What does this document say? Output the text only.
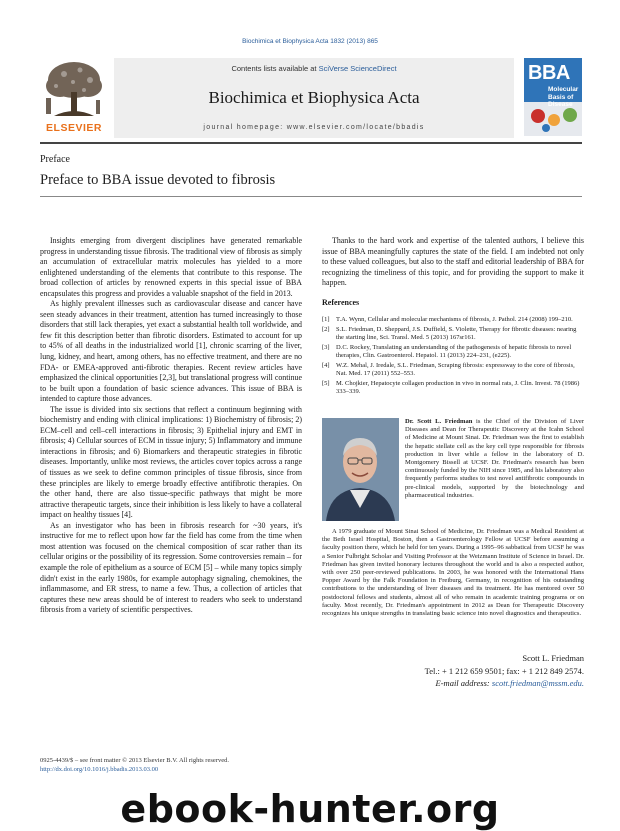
Biochimica et Biophysica Acta 1832 (2013) 865
ELSEVIER
Contents lists available at SciVerse ScienceDirect
Biochimica et Biophysica Acta
journal homepage: www.elsevier.com/locate/bbadis
BBA
Molecular Basis of Disease
Preface
Preface to BBA issue devoted to fibrosis

Insights emerging from divergent disciplines have generated remarkable progress in understanding tissue fibrosis. The traditional view of fibrosis as simply an accumulation of extracellular matrix molecules has yielded to a more enlightened understanding of the elements that contribute to this response. The broad collection of articles by renowned experts in this special issue of BBA encapsulates this progress and provides a valuable snapshot of the field in 2013.

As highly prevalent illnesses such as cardiovascular disease and cancer have seen steady advances in their treatment, attention has turned increasingly to those disorders that still lack therapies, yet exact a substantial health toll worldwide, and few fit this description better than fibrotic disorders. Estimated to account for up to 45% of all deaths in the industrialized world [1], chronic scarring of the liver, lung, kidney, and heart, among others, has no effective treatment, and there are no FDA- or EMEA-approved anti-fibrotic therapies. Recent review articles have emphasized the clinical opportunities [2,3], but translational progress will continue to be built upon a foundation of basic science advances. This issue of BBA is intended to capture those advances.

The issue is divided into six sections that reflect a continuum beginning with biochemistry and ending with clinical implications: 1) Biochemistry of fibrosis; 2) ECM–cell and cell–cell interactions in fibrosis; 3) Epithelial injury and EMT in fibrosis; 4) Cellular sources of ECM in tissue injury; 5) Inflammatory and immune interactions in fibrosis; and 6) Biomarkers and therapeutic strategies in fibrotic diseases. Importantly, unlike most reviews, the articles cover topics across a range of tissues as we seek to define common principles of tissue fibrosis, since from these principles are likely to emerge broadly effective antifibrotic therapies. On the other hand, there are also tissue-specific pathways that might be more attractive therapeutic targets, since their inhibition is less likely to have a collateral impact on healthy tissues [4].

As an investigator who has been in fibrosis research for ~30 years, it's instructive for me to reflect upon how far the field has come from the time when most attention was focused on the chemical composition of scar rather than its cellular origins or the possibility of its regression. Some controversies remain – for example the role of epithelium as a source of ECM [5] – while many topics simply didn't exist in the early 1980s, for example autophagy signaling, chemokines, the inflammasome, and ER stress, to name a few. Thus, a collection of articles that captures these new areas should be of interest to readers who seek to understand fibrosis from a variety of scientific perspectives.

Thanks to the hard work and expertise of the talented authors, I believe this issue of BBA meaningfully captures the state of the field. I am indebted not only to these valued colleagues, but also to the staff and editorial leadership of BBA for recognizing the timeliness of this topic, and for providing the support to make it happen.

References
[1] T.A. Wynn, Cellular and molecular mechanisms of fibrosis, J. Pathol. 214 (2008) 199–210.
[2] S.L. Friedman, D. Sheppard, J.S. Duffield, S. Violette, Therapy for fibrotic diseases: nearing the starting line, Sci. Transl. Med. 5 (2013) 167sr161.
[3] D.C. Rockey, Translating an understanding of the pathogenesis of hepatic fibrosis to novel therapies, Clin. Gastroenterol. Hepatol. 11 (2013) 224–231, (e225).
[4] W.Z. Mehal, J. Iredale, S.L. Friedman, Scraping fibrosis: expressway to the core of fibrosis, Nat. Med. 17 (2011) 552–553.
[5] M. Chojkier, Hepatocyte collagen production in vivo in normal rats, J. Clin. Invest. 78 (1986) 333–339.

Dr. Scott L. Friedman is the Chief of the Division of Liver Diseases and Dean for Therapeutic Discovery at the Icahn School of Medicine at Mount Sinai. Dr. Friedman was the first to establish the hepatic stellate cell as the key cell type responsible for fibrosis production in liver while a fellow in the laboratory of D. Montgomery Bissell at UCSF. Dr. Friedman's research has been continuously funded by the NIH since 1985, and his laboratory also frequently performs studies to test novel antifibrotic compounds in pre-clinical models, supported by the biotechnology and pharmaceutical industries.

A 1979 graduate of Mount Sinai School of Medicine, Dr. Friedman was a Medical Resident at the Beth Israel Hospital, Boston, then a Gastroenterology Fellow at UCSF before assuming a faculty position there, which he held for ten years. During a 1995–96 sabbatical from UCSF he was a Senior Fulbright Scholar and Visiting Professor at the Weizmann Institute of Science in Israel. Dr. Friedman has given invited honorary lectures throughout the world and is also a respected author, with over 250 peer-reviewed publications. In 2003, he was honored with the International Hans Popper Award by the Falk Foundation in Freiburg, Germany, in recognition of his outstanding contributions to the understanding of liver diseases and its treatment. He has mentored over 50 postdoctoral fellows and students, almost all of who remain in academic training programs or on faculty. Most recently, Dr. Friedman's appointment in 2012 as Dean for Therapeutic Discovery recognizes his unique strengths in translating basic science into novel diagnostics and therapeutics.

Scott L. Friedman
Tel.: + 1 212 659 9501; fax: + 1 212 849 2574.
E-mail address: scott.friedman@mssm.edu.
0925-4439/$ – see front matter © 2013 Elsevier B.V. All rights reserved.
http://dx.doi.org/10.1016/j.bbadis.2013.03.00
ebook-hunter.org
